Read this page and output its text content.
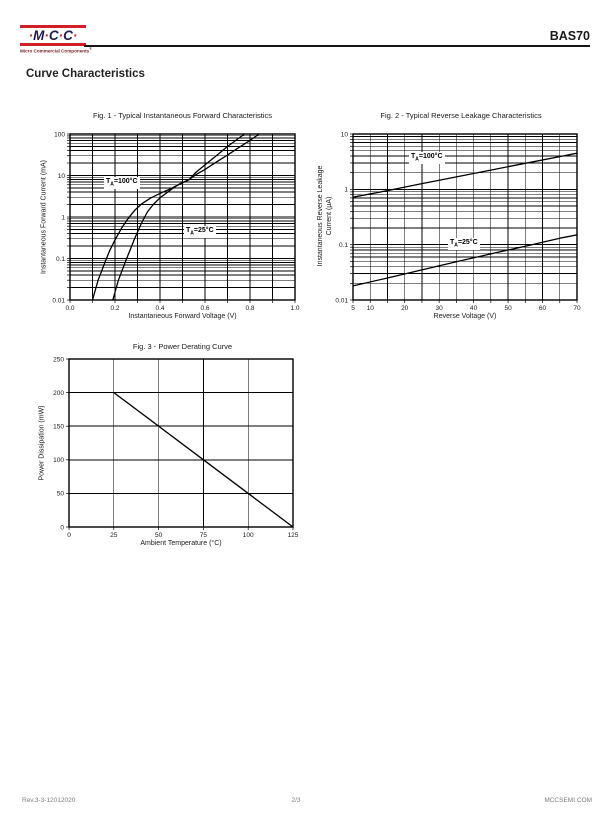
·M·C·C·
Micro Commercial Components®
BAS70
Curve Characteristics
Fig. 1 - Typical Instantaneous Forward Characteristics
Instantaneous Forward Current (mA)
0.0	0.2	0.4	0.6	0.8	1.0
100
10
1
0.1
0.01
Instantaneous Forward Voltage (V)
$T_A=100^\circ C$
$T_A=25^\circ C$
Fig. 2 - Typical Reverse Leakage Characteristics
Instantaneous Reverse Leakage Current (µA)
5 10	20	30	40	50	60	70
10
1
0.1
0.01
Reverse Voltage (V)
$T_A=100^\circ C$
$T_A=25^\circ C$
Fig. 3 - Power Derating Curve
Power Dissipation (mW)
0	25	50	75	100	125
250
200
150
100
50
0
Ambient Temperature (°C)
Rev.3-3-12012020	2/3	MCCSEMI.COM
